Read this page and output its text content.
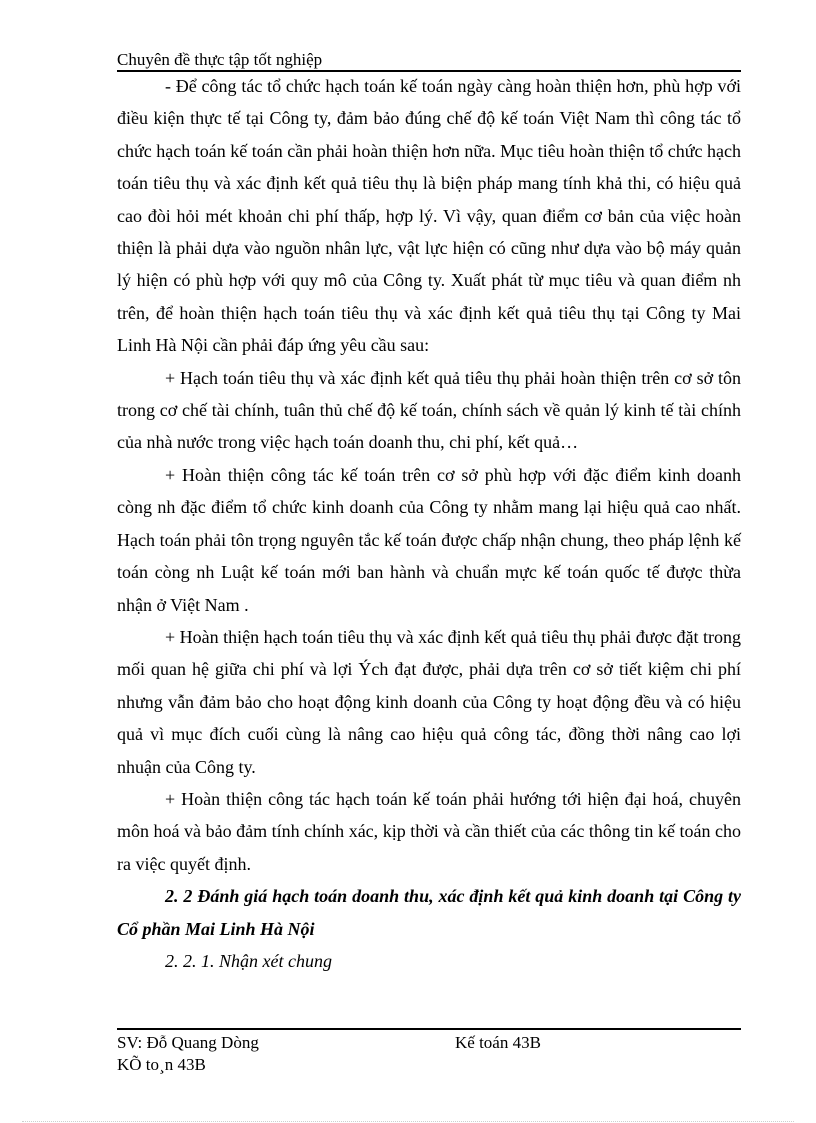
Chuyên đề thực tập tốt nghiệp

- Để công tác tổ chức hạch toán kế toán ngày càng hoàn thiện hơn, phù hợp với điều kiện thực tế tại Công ty, đảm bảo đúng chế độ kế toán Việt Nam thì công tác tổ chức hạch toán kế toán cần phải hoàn thiện hơn nữa. Mục tiêu hoàn thiện tổ chức hạch toán tiêu thụ và xác định kết quả tiêu thụ là biện pháp mang tính khả thi, có hiệu quả cao đòi hỏi mét khoản chi phí thấp, hợp lý. Vì vậy, quan điểm cơ bản của việc hoàn thiện là phải dựa vào nguồn nhân lực, vật lực hiện có cũng như dựa vào bộ máy quản lý hiện có phù hợp với quy mô của Công ty. Xuất phát từ mục tiêu và quan điểm nh trên, để hoàn thiện hạch toán tiêu thụ và xác định kết quả tiêu thụ tại Công ty Mai Linh Hà Nội cần phải đáp ứng yêu cầu sau:

+ Hạch toán tiêu thụ và xác định kết quả tiêu thụ phải hoàn thiện trên cơ sở tôn trong cơ chế tài chính, tuân thủ chế độ kế toán, chính sách về quản lý kinh tế tài chính của nhà nước trong việc hạch toán doanh thu, chi phí, kết quả…

+ Hoàn thiện công tác kế toán trên cơ sở phù hợp với đặc điểm kinh doanh còng nh đặc điểm tổ chức kinh doanh của Công ty nhằm mang lại hiệu quả cao nhất. Hạch toán phải tôn trọng nguyên tắc kế toán được chấp nhận chung, theo pháp lệnh kế toán còng nh Luật kế toán mới ban hành và chuẩn mực kế toán quốc tế được thừa nhận ở Việt Nam .

+ Hoàn thiện hạch toán tiêu thụ và xác định kết quả tiêu thụ phải được đặt trong mối quan hệ giữa chi phí và lợi Ých đạt được, phải dựa trên cơ sở tiết kiệm chi phí nhưng vẫn đảm bảo cho hoạt động kinh doanh của Công ty hoạt động đều và có hiệu quả vì mục đích cuối cùng là nâng cao hiệu quả công tác, đồng thời nâng cao lợi nhuận của Công ty.

+ Hoàn thiện công tác hạch toán kế toán phải hướng tới hiện đại hoá, chuyên môn hoá và bảo đảm tính chính xác, kịp thời và cần thiết của các thông tin kế toán cho ra việc quyết định.

2. 2 Đánh giá hạch toán doanh thu, xác định kết quả kinh doanh tại Công ty Cổ phần Mai Linh Hà Nội

2. 2. 1. Nhận xét chung

SV: Đỗ Quang Dòng	Kế toán 43B
KÕ to¸n 43B
